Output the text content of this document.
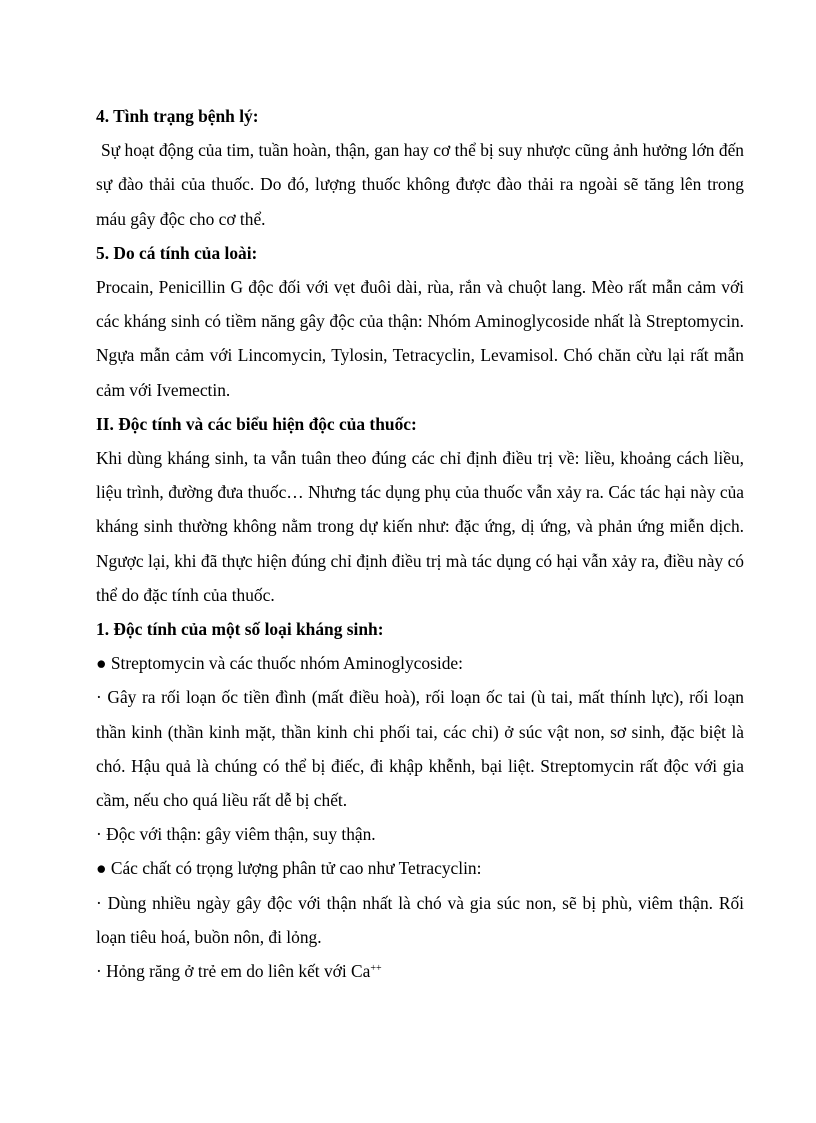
4. Tình trạng bệnh lý:

Sự hoạt động của tim, tuần hoàn, thận, gan hay cơ thể bị suy nhược cũng ảnh hưởng lớn đến sự đào thải của thuốc. Do đó, lượng thuốc không được đào thải ra ngoài sẽ tăng lên trong máu gây độc cho cơ thể.

5. Do cá tính của loài:

Procain, Penicillin G độc đối với vẹt đuôi dài, rùa, rắn và chuột lang. Mèo rất mẫn cảm với các kháng sinh có tiềm năng gây độc của thận: Nhóm Aminoglycoside nhất là Streptomycin. Ngựa mẫn cảm với Lincomycin, Tylosin, Tetracyclin, Levamisol. Chó chăn cừu lại rất mẫn cảm với Ivemectin.

II. Độc tính và các biểu hiện độc của thuốc:

Khi dùng kháng sinh, ta vẫn tuân theo đúng các chỉ định điều trị về: liều, khoảng cách liều, liệu trình, đường đưa thuốc… Nhưng tác dụng phụ của thuốc vẫn xảy ra. Các tác hại này của kháng sinh thường không nằm trong dự kiến như: đặc ứng, dị ứng, và phản ứng miễn dịch. Ngược lại, khi đã thực hiện đúng chỉ định điều trị mà tác dụng có hại vẫn xảy ra, điều này có thể do đặc tính của thuốc.

1. Độc tính của một số loại kháng sinh:

● Streptomycin và các thuốc nhóm Aminoglycoside:

· Gây ra rối loạn ốc tiền đình (mất điều hoà), rối loạn ốc tai (ù tai, mất thính lực), rối loạn thần kinh (thần kinh mặt, thần kinh chi phối tai, các chi) ở súc vật non, sơ sinh, đặc biệt là chó. Hậu quả là chúng có thể bị điếc, đi khập khễnh, bại liệt. Streptomycin rất độc với gia cầm, nếu cho quá liều rất dễ bị chết.

· Độc với thận: gây viêm thận, suy thận.

● Các chất có trọng lượng phân tử cao như Tetracyclin:

· Dùng nhiều ngày gây độc với thận nhất là chó và gia súc non, sẽ bị phù, viêm thận. Rối loạn tiêu hoá, buồn nôn, đi lỏng.

· Hỏng răng ở trẻ em do liên kết với Ca++
